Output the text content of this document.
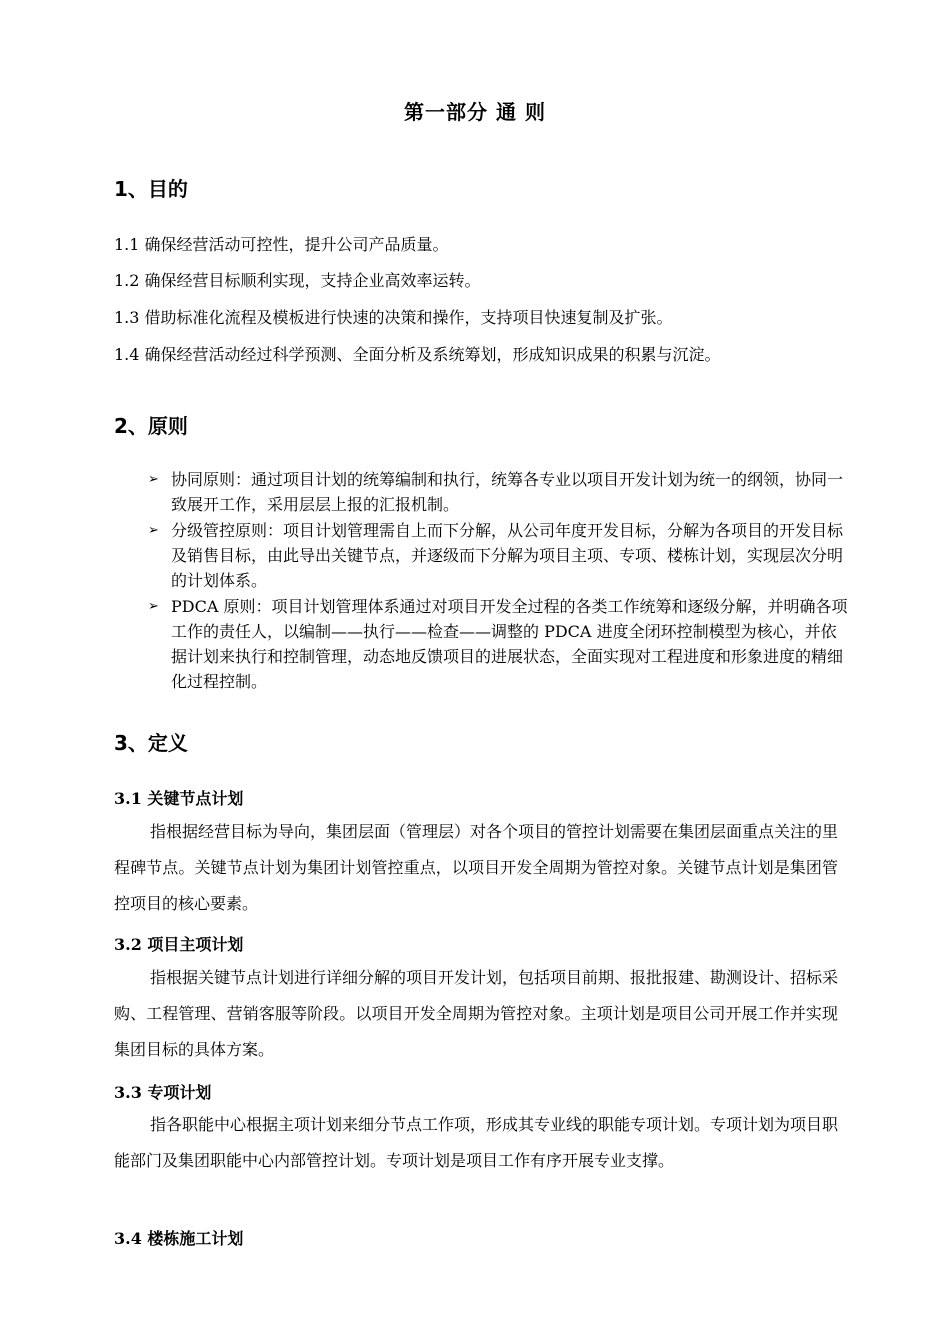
第一部分 通 则
1、目的

1.1 确保经营活动可控性，提升公司产品质量。

1.2 确保经营目标顺利实现，支持企业高效率运转。

1.3 借助标准化流程及模板进行快速的决策和操作，支持项目快速复制及扩张。

1.4 确保经营活动经过科学预测、全面分析及系统筹划，形成知识成果的积累与沉淀。

2、原则
➢ 协同原则：通过项目计划的统筹编制和执行，统筹各专业以项目开发计划为统一的纲领，协同一致展开工作，采用层层上报的汇报机制。
➢ 分级管控原则：项目计划管理需自上而下分解，从公司年度开发目标，分解为各项目的开发目标及销售目标，由此导出关键节点，并逐级而下分解为项目主项、专项、楼栋计划，实现层次分明的计划体系。
➢ PDCA 原则：项目计划管理体系通过对项目开发全过程的各类工作统筹和逐级分解，并明确各项工作的责任人，以编制——执行——检查——调整的 PDCA 进度全闭环控制模型为核心，并依据计划来执行和控制管理，动态地反馈项目的进展状态，全面实现对工程进度和形象进度的精细化过程控制。
3、定义
3.1 关键节点计划

指根据经营目标为导向，集团层面（管理层）对各个项目的管控计划需要在集团层面重点关注的里程碑节点。关键节点计划为集团计划管控重点，以项目开发全周期为管控对象。关键节点计划是集团管控项目的核心要素。

3.2 项目主项计划

指根据关键节点计划进行详细分解的项目开发计划，包括项目前期、报批报建、勘测设计、招标采购、工程管理、营销客服等阶段。以项目开发全周期为管控对象。主项计划是项目公司开展工作并实现集团目标的具体方案。

3.3 专项计划

指各职能中心根据主项计划来细分节点工作项，形成其专业线的职能专项计划。专项计划为项目职能部门及集团职能中心内部管控计划。专项计划是项目工作有序开展专业支撑。

3.4 楼栋施工计划
